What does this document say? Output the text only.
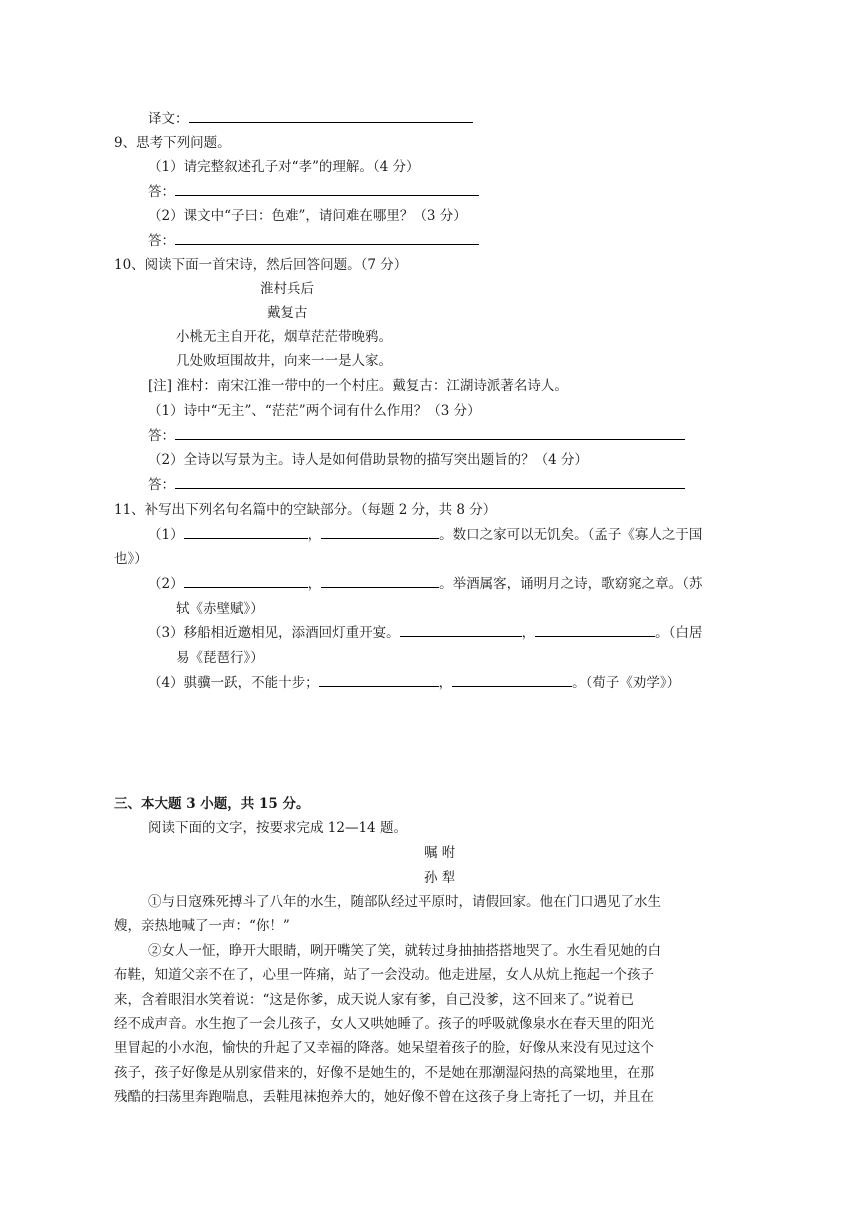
译文：
9、思考下列问题。
（1）请完整叙述孔子对“孝”的理解。（4 分）
答：
（2）课文中“子曰：色难”，请问难在哪里？（3 分）
答：
10、阅读下面一首宋诗，然后回答问题。（7 分）
淮村兵后
戴复古
小桃无主自开花，烟草茫茫带晚鸦。
几处败垣围故井，向来一一是人家。
[注] 淮村：南宋江淮一带中的一个村庄。戴复古：江湖诗派著名诗人。
（1）诗中“无主”、“茫茫”两个词有什么作用？（3 分）
答：
（2）全诗以写景为主。诗人是如何借助景物的描写突出题旨的？（4 分）
答：
11、补写出下列名句名篇中的空缺部分。（每题 2 分，共 8 分）
（1）	，	。数口之家可以无饥矣。（孟子《寡人之于国
也》）
（2）	，	。举酒属客，诵明月之诗，歌窈窕之章。（苏
轼《赤壁赋》）
（3）移船相近邀相见，添酒回灯重开宴。	，	。（白居
易《琵琶行》）
（4）骐骥一跃，不能十步；	，	。（荀子《劝学》）
三、本大题 3 小题，共 15 分。
阅读下面的文字，按要求完成 12—14 题。
嘱 咐
孙 犁
①与日寇殊死搏斗了八年的水生，随部队经过平原时，请假回家。他在门口遇见了水生
嫂，亲热地喊了一声：“你！”
②女人一怔，睁开大眼睛，咧开嘴笑了笑，就转过身抽抽搭搭地哭了。水生看见她的白
布鞋，知道父亲不在了，心里一阵痛，站了一会没动。他走进屋，女人从炕上拖起一个孩子
来，含着眼泪水笑着说：“这是你爹，成天说人家有爹，自己没爹，这不回来了。”说着已
经不成声音。水生抱了一会儿孩子，女人又哄她睡了。孩子的呼吸就像泉水在春天里的阳光
里冒起的小水泡，愉快的升起了又幸福的降落。她呆望着孩子的脸，好像从来没有见过这个
孩子，孩子好像是从别家借来的，好像不是她生的，不是她在那潮湿闷热的高粱地里，在那
残酷的扫荡里奔跑喘息，丢鞋甩袜抱养大的，她好像不曾在这孩子身上寄托了一切，并且在
